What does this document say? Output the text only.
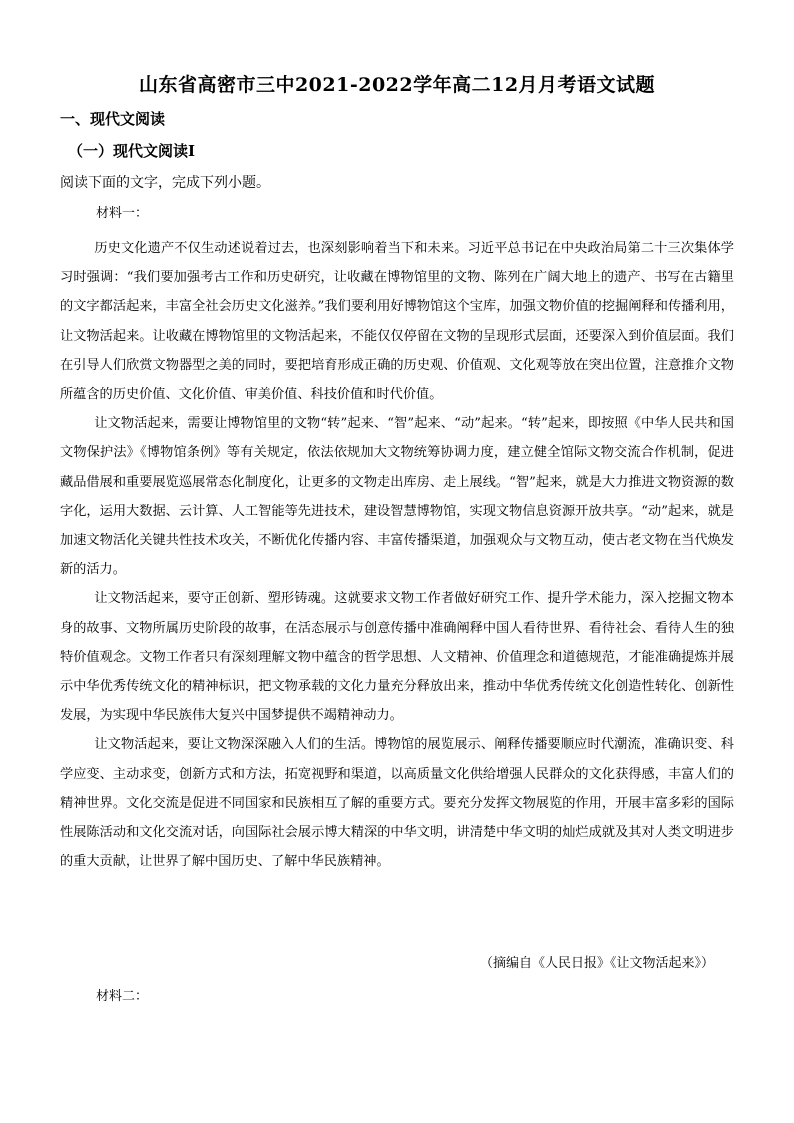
山东省高密市三中2021-2022学年高二12月月考语文试题
一、现代文阅读
（一）现代文阅读Ⅰ
阅读下面的文字，完成下列小题。
材料一：

历史文化遗产不仅生动述说着过去，也深刻影响着当下和未来。习近平总书记在中央政治局第二十三次集体学习时强调：“我们要加强考古工作和历史研究，让收藏在博物馆里的文物、陈列在广阔大地上的遗产、书写在古籍里的文字都活起来，丰富全社会历史文化滋养。”我们要利用好博物馆这个宝库，加强文物价值的挖掘阐释和传播利用，让文物活起来。让收藏在博物馆里的文物活起来，不能仅仅停留在文物的呈现形式层面，还要深入到价值层面。我们在引导人们欣赏文物器型之美的同时，要把培育形成正确的历史观、价值观、文化观等放在突出位置，注意推介文物所蕴含的历史价值、文化价值、审美价值、科技价值和时代价值。

让文物活起来，需要让博物馆里的文物“转”起来、“智”起来、“动”起来。“转”起来，即按照《中华人民共和国文物保护法》《博物馆条例》等有关规定，依法依规加大文物统筹协调力度，建立健全馆际文物交流合作机制，促进藏品借展和重要展览巡展常态化制度化，让更多的文物走出库房、走上展线。“智”起来，就是大力推进文物资源的数字化，运用大数据、云计算、人工智能等先进技术，建设智慧博物馆，实现文物信息资源开放共享。“动”起来，就是加速文物活化关键共性技术攻关，不断优化传播内容、丰富传播渠道，加强观众与文物互动，使古老文物在当代焕发新的活力。

让文物活起来，要守正创新、塑形铸魂。这就要求文物工作者做好研究工作、提升学术能力，深入挖掘文物本身的故事、文物所属历史阶段的故事，在活态展示与创意传播中准确阐释中国人看待世界、看待社会、看待人生的独特价值观念。文物工作者只有深刻理解文物中蕴含的哲学思想、人文精神、价值理念和道德规范，才能准确提炼并展示中华优秀传统文化的精神标识，把文物承载的文化力量充分释放出来，推动中华优秀传统文化创造性转化、创新性发展，为实现中华民族伟大复兴中国梦提供不竭精神动力。

让文物活起来，要让文物深深融入人们的生活。博物馆的展览展示、阐释传播要顺应时代潮流，准确识变、科学应变、主动求变，创新方式和方法，拓宽视野和渠道，以高质量文化供给增强人民群众的文化获得感，丰富人们的精神世界。文化交流是促进不同国家和民族相互了解的重要方式。要充分发挥文物展览的作用，开展丰富多彩的国际性展陈活动和文化交流对话，向国际社会展示博大精深的中华文明，讲清楚中华文明的灿烂成就及其对人类文明进步的重大贡献，让世界了解中国历史、了解中华民族精神。

（摘编自《人民日报》《让文物活起来》）
材料二：
